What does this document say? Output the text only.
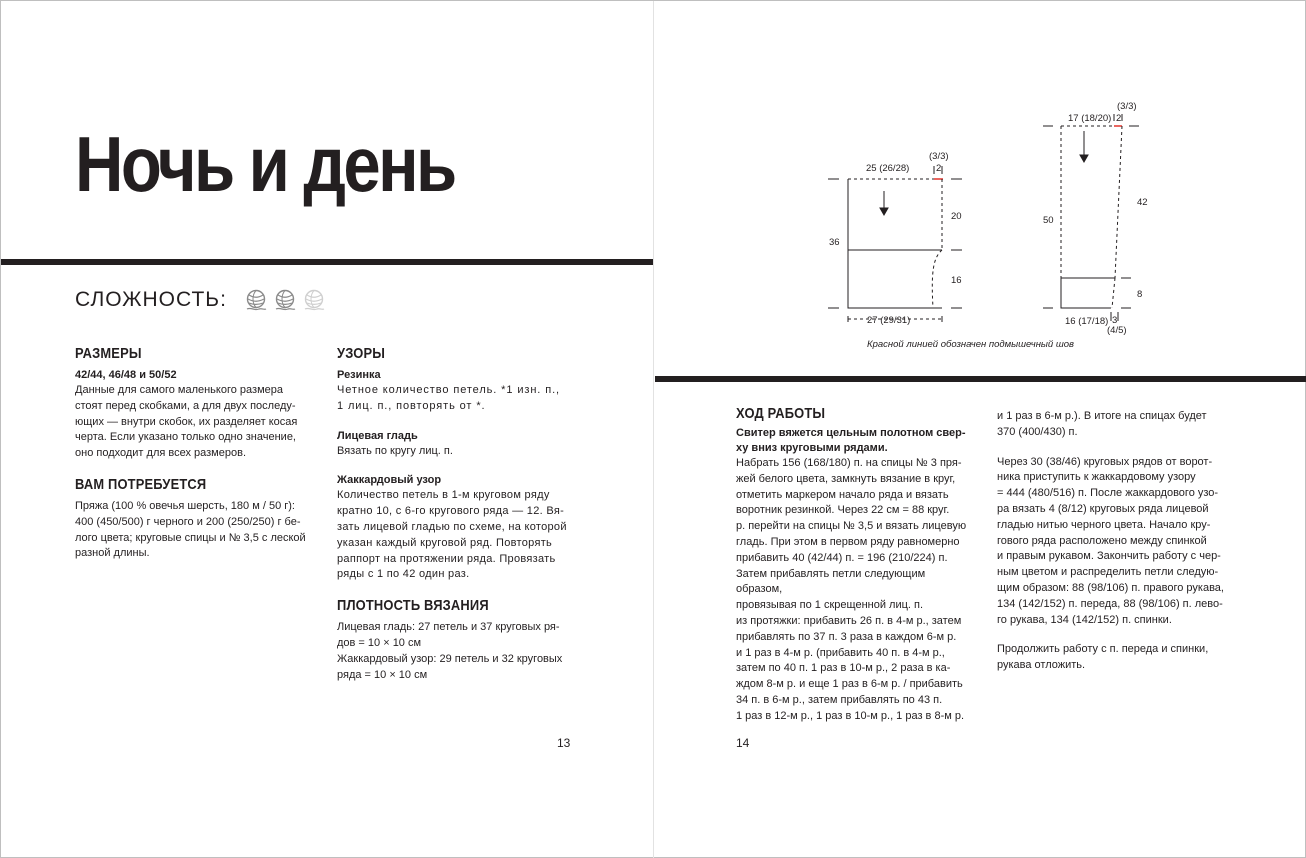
Ночь и день
СЛОЖНОСТЬ:
РАЗМЕРЫ
42/44, 46/48 и 50/52
Данные для самого маленького размера
стоят перед скобками, а для двух последу-
ющих — внутри скобок, их разделяет косая
черта. Если указано только одно значение,
оно подходит для всех размеров.
ВАМ ПОТРЕБУЕТСЯ
Пряжа (100 % овечья шерсть, 180 м / 50 г):
400 (450/500) г черного и 200 (250/250) г бе-
лого цвета; круговые спицы и № 3,5 с леской
разной длины.
УЗОРЫ
Резинка
Четное количество петель. *1 изн. п.,
1 лиц. п., повторять от *.
Лицевая гладь
Вязать по кругу лиц. п.
Жаккардовый узор
Количество петель в 1-м круговом ряду
кратно 10, с 6-го кругового ряда — 12. Вя-
зать лицевой гладью по схеме, на которой
указан каждый круговой ряд. Повторять
раппорт на протяжении ряда. Провязать
ряды с 1 по 42 один раз.
ПЛОТНОСТЬ ВЯЗАНИЯ
Лицевая гладь: 27 петель и 37 круговых ря-
дов = 10 × 10 см
Жаккардовый узор: 29 петель и 32 круговых
ряда = 10 × 10 см
13	14
25 (26/28)
(3/3)
2
36
20
16
27 (29/31)
17 (18/20)
(3/3)
2
50
42
8
16 (17/18) 3
(4/5)
Красной линией обозначен подмышечный шов
ХОД РАБОТЫ
Свитер вяжется цельным полотном свер-
ху вниз круговыми рядами.
Набрать 156 (168/180) п. на спицы № 3 пря-
жей белого цвета, замкнуть вязание в круг,
отметить маркером начало ряда и вязать
воротник резинкой. Через 22 см = 88 круг.
р. перейти на спицы № 3,5 и вязать лицевую
гладь. При этом в первом ряду равномерно
прибавить 40 (42/44) п. = 196 (210/224) п.
Затем прибавлять петли следующим образом,
провязывая по 1 скрещенной лиц. п.
из протяжки: прибавить 26 п. в 4-м р., затем
прибавлять по 37 п. 3 раза в каждом 6-м р.
и 1 раз в 4-м р. (прибавить 40 п. в 4-м р.,
затем по 40 п. 1 раз в 10-м р., 2 раза в ка-
ждом 8-м р. и еще 1 раз в 6-м р. / прибавить
34 п. в 6-м р., затем прибавлять по 43 п.
1 раз в 12-м р., 1 раз в 10-м р., 1 раз в 8-м р.
и 1 раз в 6-м р.). В итоге на спицах будет
370 (400/430) п.
Через 30 (38/46) круговых рядов от ворот-
ника приступить к жаккардовому узору
= 444 (480/516) п. После жаккардового узо-
ра вязать 4 (8/12) круговых ряда лицевой
гладью нитью черного цвета. Начало кру-
гового ряда расположено между спинкой
и правым рукавом. Закончить работу с чер-
ным цветом и распределить петли следую-
щим образом: 88 (98/106) п. правого рукава,
134 (142/152) п. переда, 88 (98/106) п. лево-
го рукава, 134 (142/152) п. спинки.
Продолжить работу с п. переда и спинки,
рукава отложить.
